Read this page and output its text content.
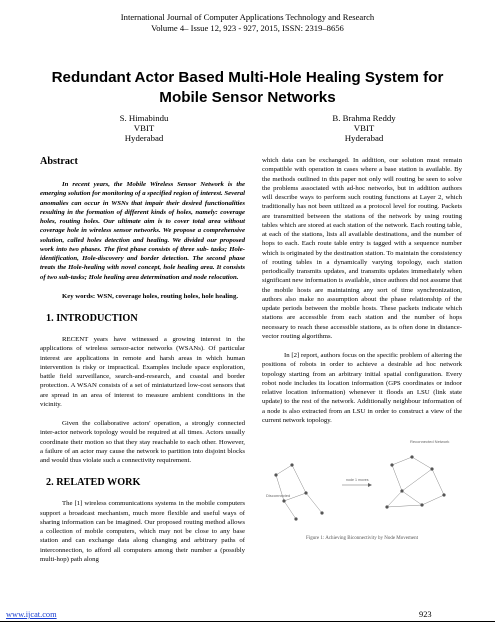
International Journal of Computer Applications Technology and Research
Volume 4– Issue 12, 923 - 927, 2015, ISSN: 2319–8656
Redundant Actor Based Multi-Hole Healing System for Mobile Sensor Networks
S. Himabindu
VBIT
Hyderabad
B. Brahma Reddy
VBIT
Hyderabad
Abstract

In recent years, the Mobile Wireless Sensor Network is the emerging solution for monitoring of a specified region of interest. Several anomalies can occur in WSNs that impair their desired functionalities resulting in the formation of different kinds of holes, namely: coverage holes, routing holes. Our ultimate aim is to cover total area without coverage hole in wireless sensor networks. We propose a comprehensive solution, called holes detection and healing. We divided our proposed work into two phases. The first phase consists of three sub- tasks; Hole-identification, Hole-discovery and border detection. The second phase treats the Hole-healing with novel concept, hole healing area. It consists of two sub-tasks; Hole healing area determination and node relocation.

Key words: WSN, coverage holes, routing holes, hole healing.

1. INTRODUCTION

RECENT years have witnessed a growing interest in the applications of wireless sensor-actor networks (WSANs). Of particular interest are applications in remote and harsh areas in which human intervention is risky or impractical. Examples include space exploration, battle field surveillance, search-and-research, and coastal and border protection. A WSAN consists of a set of miniaturized low-cost sensors that are spread in an area of interest to measure ambient conditions in the vicinity.

Given the collaborative actors' operation, a strongly connected inter-actor network topology would be required at all times. Actors usually coordinate their motion so that they stay reachable to each other. However, a failure of an actor may cause the network to partition into disjoint blocks and would thus violate such a connectivity requirement.

2. RELATED WORK

The [1] wireless communications systems in the mobile computers support a broadcast mechanism, much more flexible and useful ways of sharing information can be imagined. Our proposed routing method allows a collection of mobile computers, which may not be close to any base station and can exchange data along changing and arbitrary paths of interconnection, to afford all computers among their number a (possibly multi-hop) path along

which data can be exchanged. In addition, our solution must remain compatible with operation in cases where a base station is available. By the methods outlined in this paper not only will routing be seen to solve the problems associated with ad-hoc networks, but in addition authors will describe ways to perform such routing functions at Layer 2, which traditionally has not been utilized as a protocol level for routing. Packets are transmitted between the stations of the network by using routing tables which are stored at each station of the network. Each routing table, at each of the stations, lists all available destinations, and the number of hops to each. Each route table entry is tagged with a sequence number which is originated by the destination station. To maintain the consistency of routing tables in a dynamically varying topology, each station periodically transmits updates, and transmits updates immediately when significant new information is available, since authors did not assume that the mobile hosts are maintaining any sort of time synchronization, authors also make no assumption about the phase relationship of the update periods between the mobile hosts. These packets indicate which stations are accessible from each station and the number of hops necessary to reach these accessible stations, as is often done in distance-vector routing algorithms.

In [2] report, authors focus on the specific problem of altering the positions of robots in order to achieve a desirable ad hoc network topology starting from an arbitrary initial spatial configuration. Every robot node includes its location information (GPS coordinates or indoor relative location information) whenever it floods an LSU (link state update) to the rest of the network. Additionally neighbour information of a node is also extracted from an LSU in order to construct a view of the current network topology.

Disconnected
Reconnected Network
node 1 moves
Figure 1: Achieving Biconnectivity by Node Movement
www.ijcat.com	923
